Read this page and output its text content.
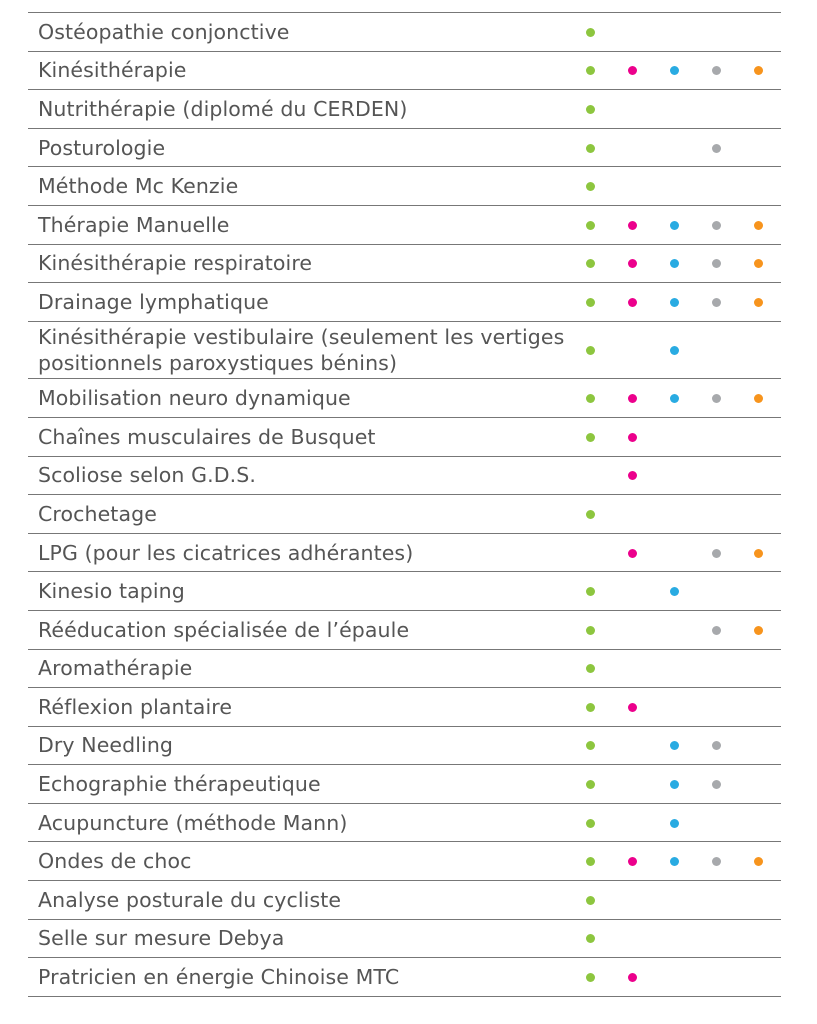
Ostéopathie conjonctive
Kinésithérapie
Nutrithérapie (diplomé du CERDEN)
Posturologie
Méthode Mc Kenzie
Thérapie Manuelle
Kinésithérapie respiratoire
Drainage lymphatique
Kinésithérapie vestibulaire (seulement les vertiges
positionnels paroxystiques bénins)
Mobilisation neuro dynamique
Chaînes musculaires de Busquet
Scoliose selon G.D.S.
Crochetage
LPG (pour les cicatrices adhérantes)
Kinesio taping
Rééducation spécialisée de l’épaule
Aromathérapie
Réflexion plantaire
Dry Needling
Echographie thérapeutique
Acupuncture (méthode Mann)
Ondes de choc
Analyse posturale du cycliste
Selle sur mesure Debya
Pratricien en énergie Chinoise MTC
